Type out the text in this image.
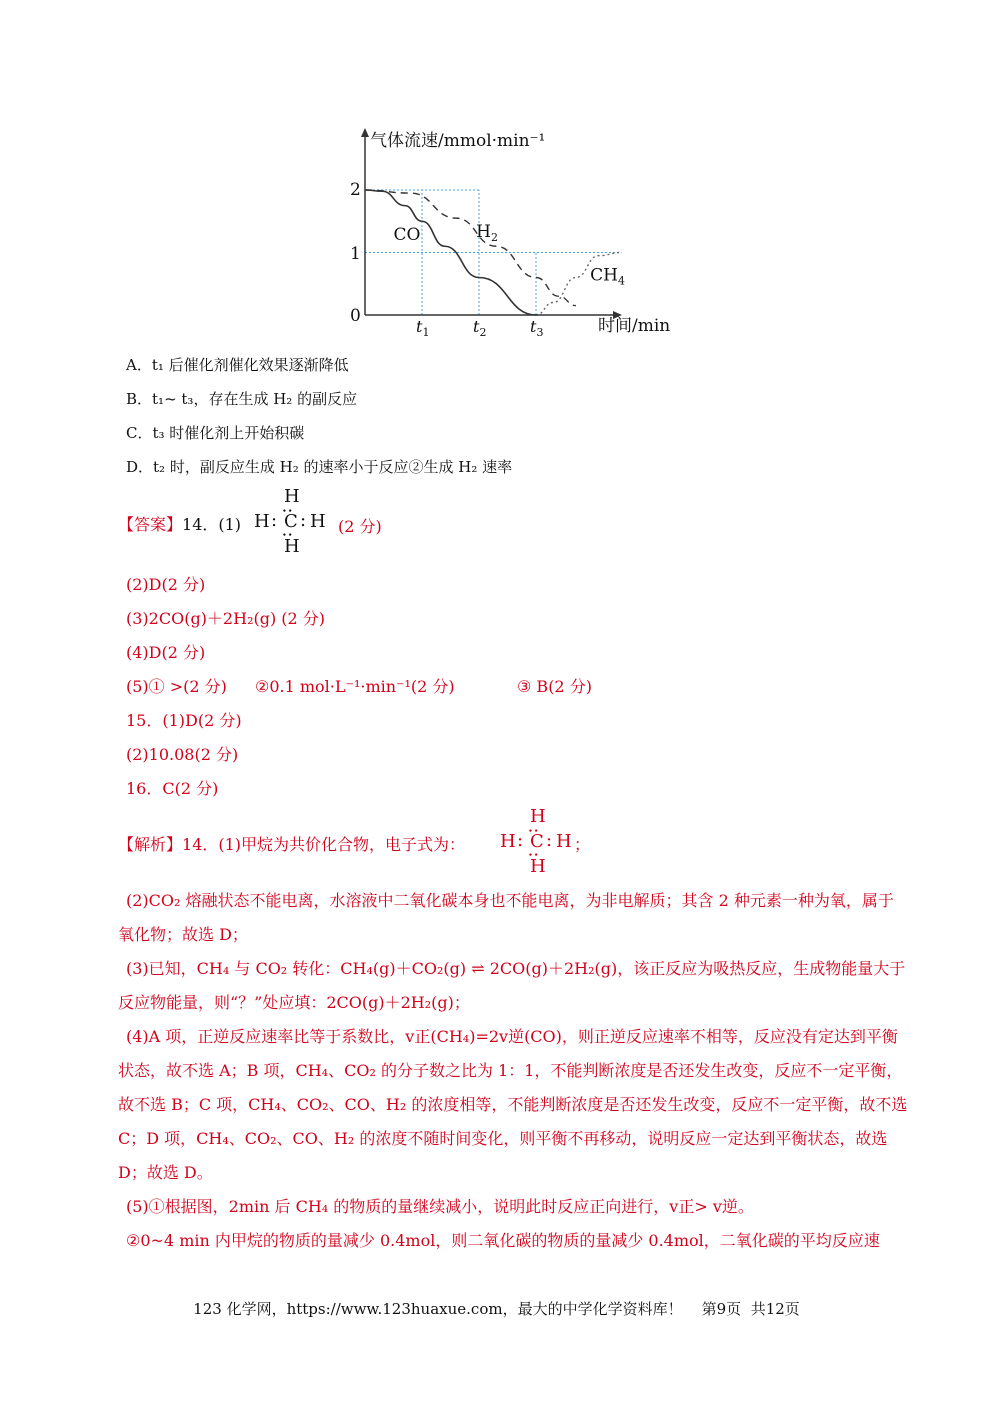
气体流速/mmol·min⁻¹
时间/min
0
1
2
$t_1$	$t_2$	$t_3$
CO	$H_2$
$CH_4$
A．t₁ 后催化剂催化效果逐渐降低
B．t₁~ t₃，存在生成 H₂ 的副反应
C．t₃ 时催化剂上开始积碳
D．t₂ 时，副反应生成 H₂ 的速率小于反应②生成 H₂ 速率
【答案】14．(1)
H
:
H : C : H
:
H
(2 分)
(2)D(2 分)
(3)2CO(g)＋2H₂(g) (2 分)
(4)D(2 分)
(5)① >(2 分) ②0.1 mol·L⁻¹·min⁻¹(2 分)	③ B(2 分)
15．(1)D(2 分)
(2)10.08(2 分)
16．C(2 分)
【解析】14．(1)甲烷为共价化合物，电子式为：
H
:
H : C : H
:
H
；
(2)CO₂ 熔融状态不能电离，水溶液中二氧化碳本身也不能电离，为非电解质；其含 2 种元素一种为氧，属于氧化物；故选 D；
(3)已知，CH₄ 与 CO₂ 转化：CH₄(g)＋CO₂(g) ⇌ 2CO(g)＋2H₂(g)，该正反应为吸热反应，生成物能量大于反应物能量，则“？”处应填：2CO(g)＋2H₂(g)；
(4)A 项，正逆反应速率比等于系数比，v正(CH₄)=2v逆(CO)，则正逆反应速率不相等，反应没有定达到平衡状态，故不选 A；B 项，CH₄、CO₂ 的分子数之比为 1：1，不能判断浓度是否还发生改变，反应不一定平衡，故不选 B；C 项，CH₄、CO₂、CO、H₂ 的浓度相等，不能判断浓度是否还发生改变，反应不一定平衡，故不选 C；D 项，CH₄、CO₂、CO、H₂ 的浓度不随时间变化，则平衡不再移动，说明反应一定达到平衡状态，故选 D；故选 D。
(5)①根据图，2min 后 CH₄ 的物质的量继续减小，说明此时反应正向进行，v正> v逆。
②0~4 min 内甲烷的物质的量减少 0.4mol，则二氧化碳的物质的量减少 0.4mol，二氧化碳的平均反应速
123 化学网，https://www.123huaxue.com，最大的中学化学资料库！    第9页  共12页
